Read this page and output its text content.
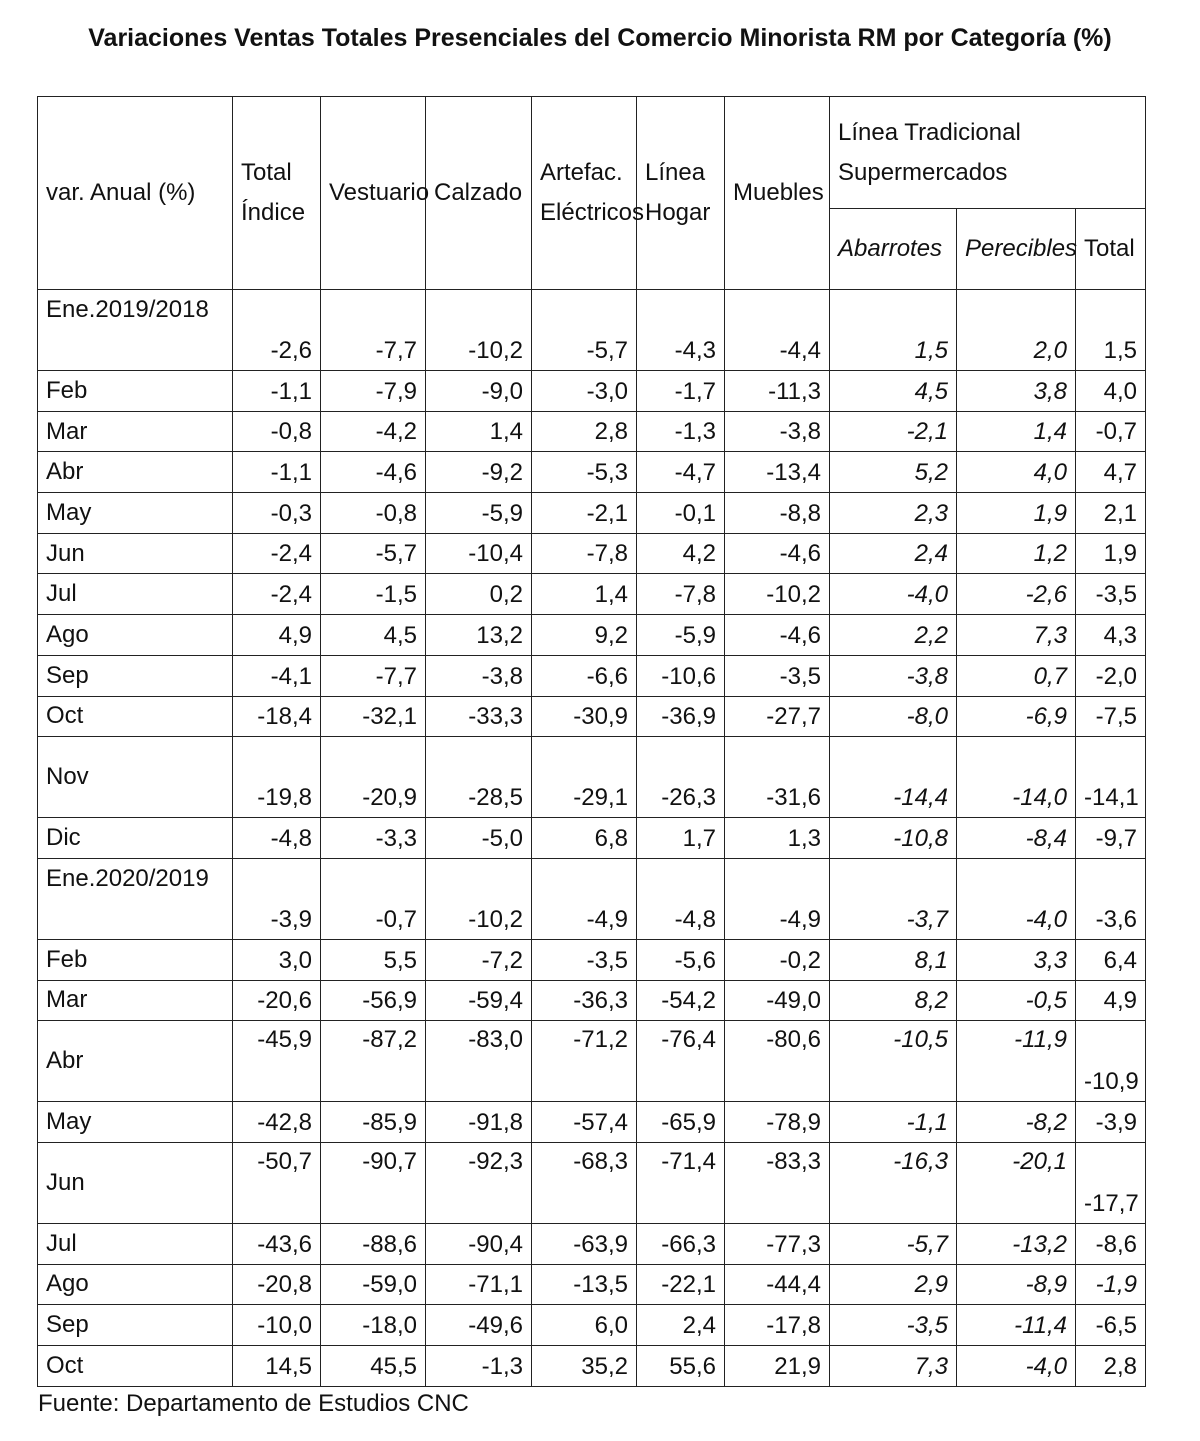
Variaciones Ventas Totales Presenciales del Comercio Minorista RM por Categoría (%)
var. Anual (%)	Total Índice	Vestuario	Calzado	Artefac. Eléctricos	Línea Hogar	Muebles	Línea Tradicional Supermercados		
							Abarrotes	Perecibles	Total
Ene.2019/2018	-2,6	-7,7	-10,2	-5,7	-4,3	-4,4	1,5	2,0	1,5
Feb	-1,1	-7,9	-9,0	-3,0	-1,7	-11,3	4,5	3,8	4,0
Mar	-0,8	-4,2	1,4	2,8	-1,3	-3,8	-2,1	1,4	-0,7
Abr	-1,1	-4,6	-9,2	-5,3	-4,7	-13,4	5,2	4,0	4,7
May	-0,3	-0,8	-5,9	-2,1	-0,1	-8,8	2,3	1,9	2,1
Jun	-2,4	-5,7	-10,4	-7,8	4,2	-4,6	2,4	1,2	1,9
Jul	-2,4	-1,5	0,2	1,4	-7,8	-10,2	-4,0	-2,6	-3,5
Ago	4,9	4,5	13,2	9,2	-5,9	-4,6	2,2	7,3	4,3
Sep	-4,1	-7,7	-3,8	-6,6	-10,6	-3,5	-3,8	0,7	-2,0
Oct	-18,4	-32,1	-33,3	-30,9	-36,9	-27,7	-8,0	-6,9	-7,5
Nov	-19,8	-20,9	-28,5	-29,1	-26,3	-31,6	-14,4	-14,0	-14,1
Dic	-4,8	-3,3	-5,0	6,8	1,7	1,3	-10,8	-8,4	-9,7
Ene.2020/2019	-3,9	-0,7	-10,2	-4,9	-4,8	-4,9	-3,7	-4,0	-3,6
Feb	3,0	5,5	-7,2	-3,5	-5,6	-0,2	8,1	3,3	6,4
Mar	-20,6	-56,9	-59,4	-36,3	-54,2	-49,0	8,2	-0,5	4,9
Abr	-45,9	-87,2	-83,0	-71,2	-76,4	-80,6	-10,5	-11,9	-10,9
May	-42,8	-85,9	-91,8	-57,4	-65,9	-78,9	-1,1	-8,2	-3,9
Jun	-50,7	-90,7	-92,3	-68,3	-71,4	-83,3	-16,3	-20,1	-17,7
Jul	-43,6	-88,6	-90,4	-63,9	-66,3	-77,3	-5,7	-13,2	-8,6
Ago	-20,8	-59,0	-71,1	-13,5	-22,1	-44,4	2,9	-8,9	-1,9
Sep	-10,0	-18,0	-49,6	6,0	2,4	-17,8	-3,5	-11,4	-6,5
Oct	14,5	45,5	-1,3	35,2	55,6	21,9	7,3	-4,0	2,8
Fuente: Departamento de Estudios CNC
